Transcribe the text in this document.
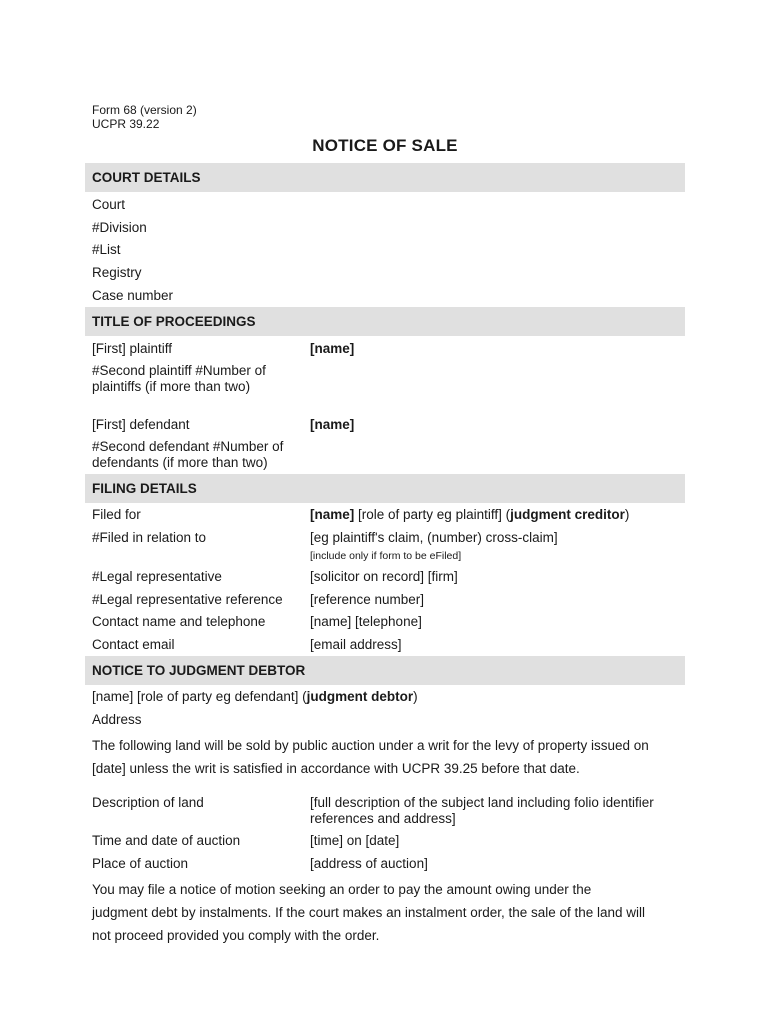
Form 68 (version 2)
UCPR 39.22
NOTICE OF SALE
COURT DETAILS
Court
#Division
#List
Registry
Case number
TITLE OF PROCEEDINGS
[First] plaintiff	[name]
#Second plaintiff #Number of
plaintiffs (if more than two)
[First] defendant	[name]
#Second defendant #Number of
defendants (if more than two)
FILING DETAILS
Filed for	[name] [role of party eg plaintiff] (judgment creditor)
#Filed in relation to	[eg plaintiff's claim, (number) cross-claim]
[include only if form to be eFiled]
#Legal representative	[solicitor on record] [firm]
#Legal representative reference [reference number]
Contact name and telephone	[name] [telephone]
Contact email	[email address]
NOTICE TO JUDGMENT DEBTOR
[name] [role of party eg defendant] (judgment debtor)
Address
The following land will be sold by public auction under a writ for the levy of property issued on [date] unless the writ is satisfied in accordance with UCPR 39.25 before that date.
Description of land	[full description of the subject land including folio identifier
references and address]
Time and date of auction	[time] on [date]
Place of auction	[address of auction]
You may file a notice of motion seeking an order to pay the amount owing under the judgment debt by instalments. If the court makes an instalment order, the sale of the land will not proceed provided you comply with the order.
